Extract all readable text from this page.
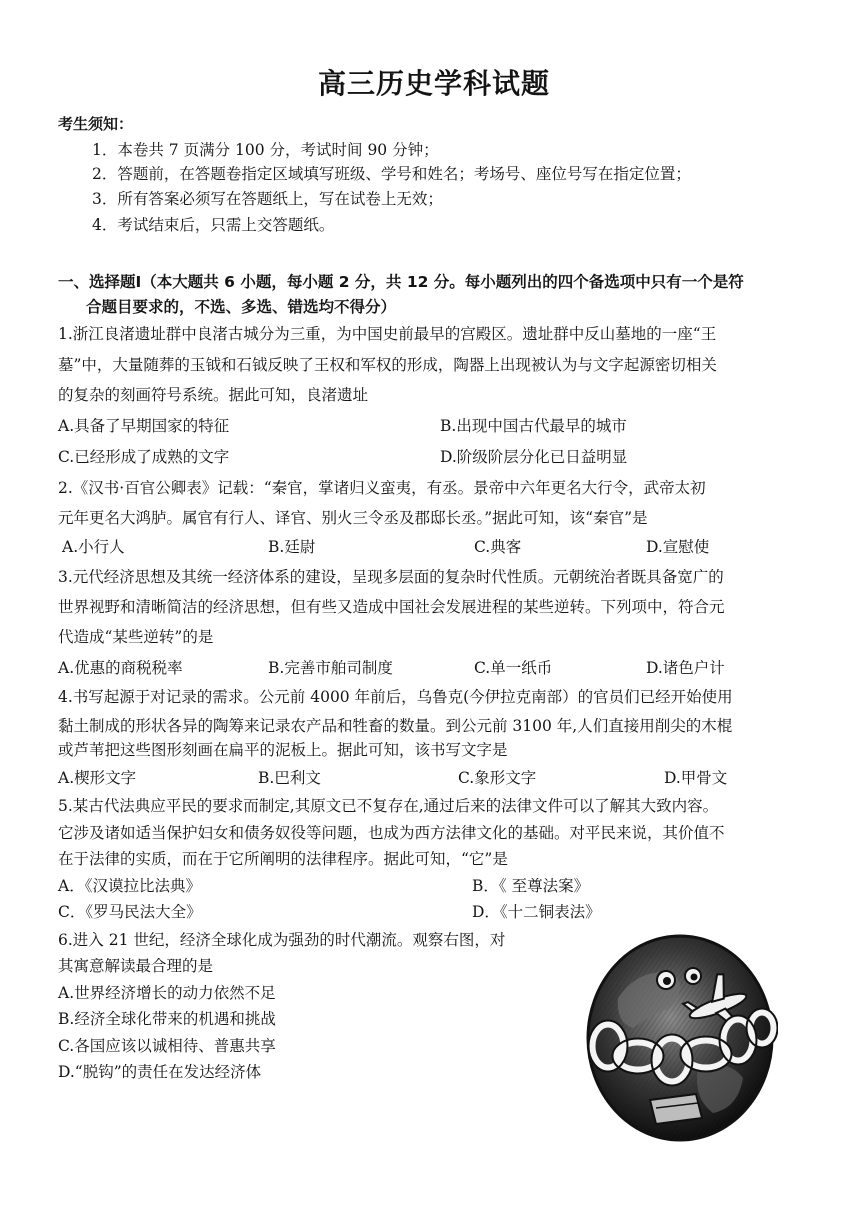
高三历史学科试题
考生须知：
1．本卷共 7 页满分 100 分，考试时间 90 分钟；
2．答题前，在答题卷指定区域填写班级、学号和姓名；考场号、座位号写在指定位置；
3．所有答案必须写在答题纸上，写在试卷上无效；
4．考试结束后，只需上交答题纸。
一、选择题Ⅰ（本大题共 6 小题，每小题 2 分，共 12 分。每小题列出的四个备选项中只有一个是符
合题目要求的，不选、多选、错选均不得分）
1.浙江良渚遗址群中良渚古城分为三重，为中国史前最早的宫殿区。遗址群中反山墓地的一座“王
墓”中，大量随葬的玉钺和石钺反映了王权和军权的形成，陶器上出现被认为与文字起源密切相关
的复杂的刻画符号系统。据此可知，良渚遗址
A.具备了早期国家的特征	B.出现中国古代最早的城市
C.已经形成了成熟的文字	D.阶级阶层分化已日益明显
2.《汉书·百官公卿表》记载：“秦官，掌诸归义蛮夷，有丞。景帝中六年更名大行令，武帝太初
元年更名大鸿胪。属官有行人、译官、别火三令丞及郡邸长丞。”据此可知，该“秦官”是
A.小行人	B.廷尉	C.典客	D.宣慰使
3.元代经济思想及其统一经济体系的建设，呈现多层面的复杂时代性质。元朝统治者既具备宽广的
世界视野和清晰简洁的经济思想，但有些又造成中国社会发展进程的某些逆转。下列项中，符合元
代造成“某些逆转”的是
A.优惠的商税税率	B.完善市舶司制度	C.单一纸币	D.诸色户计
4.书写起源于对记录的需求。公元前 4000 年前后，乌鲁克(今伊拉克南部）的官员们已经开始使用
黏土制成的形状各异的陶筹来记录农产品和牲畜的数量。到公元前 3100 年,人们直接用削尖的木棍
或芦苇把这些图形刻画在扁平的泥板上。据此可知，该书写文字是
A.楔形文字	B.巴利文	C.象形文字	D.甲骨文
5.某古代法典应平民的要求而制定,其原文已不复存在,通过后来的法律文件可以了解其大致内容。
它涉及诸如适当保护妇女和债务奴役等问题，也成为西方法律文化的基础。对平民来说，其价值不
在于法律的实质，而在于它所阐明的法律程序。据此可知，“它”是
A．《汉谟拉比法典》	B．《 至尊法案》
C．《罗马民法大全》	D．《十二铜表法》
6.进入 21 世纪，经济全球化成为强劲的时代潮流。观察右图，对
其寓意解读最合理的是
A.世界经济增长的动力依然不足
B.经济全球化带来的机遇和挑战
C.各国应该以诚相待、普惠共享
D.“脱钩”的责任在发达经济体
